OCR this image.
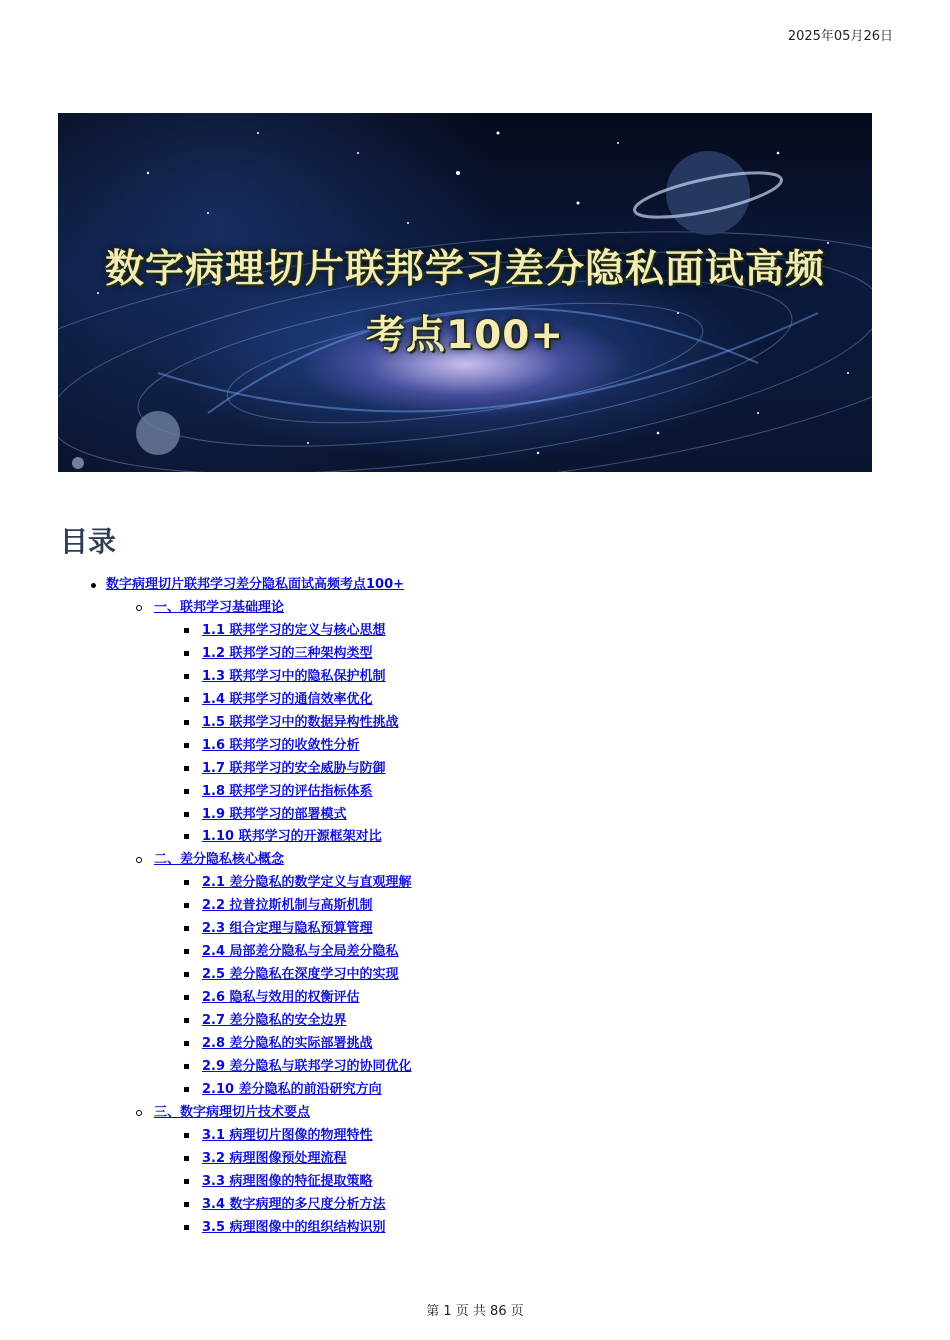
2025年05月26日
数字病理切片联邦学习差分隐私面试高频
考点100+
目录
数字病理切片联邦学习差分隐私面试高频考点100+
一、联邦学习基础理论
1.1 联邦学习的定义与核心思想
1.2 联邦学习的三种架构类型
1.3 联邦学习中的隐私保护机制
1.4 联邦学习的通信效率优化
1.5 联邦学习中的数据异构性挑战
1.6 联邦学习的收敛性分析
1.7 联邦学习的安全威胁与防御
1.8 联邦学习的评估指标体系
1.9 联邦学习的部署模式
1.10 联邦学习的开源框架对比
二、差分隐私核心概念
2.1 差分隐私的数学定义与直观理解
2.2 拉普拉斯机制与高斯机制
2.3 组合定理与隐私预算管理
2.4 局部差分隐私与全局差分隐私
2.5 差分隐私在深度学习中的实现
2.6 隐私与效用的权衡评估
2.7 差分隐私的安全边界
2.8 差分隐私的实际部署挑战
2.9 差分隐私与联邦学习的协同优化
2.10 差分隐私的前沿研究方向
三、数字病理切片技术要点
3.1 病理切片图像的物理特性
3.2 病理图像预处理流程
3.3 病理图像的特征提取策略
3.4 数字病理的多尺度分析方法
3.5 病理图像中的组织结构识别
第 1 页 共 86 页
